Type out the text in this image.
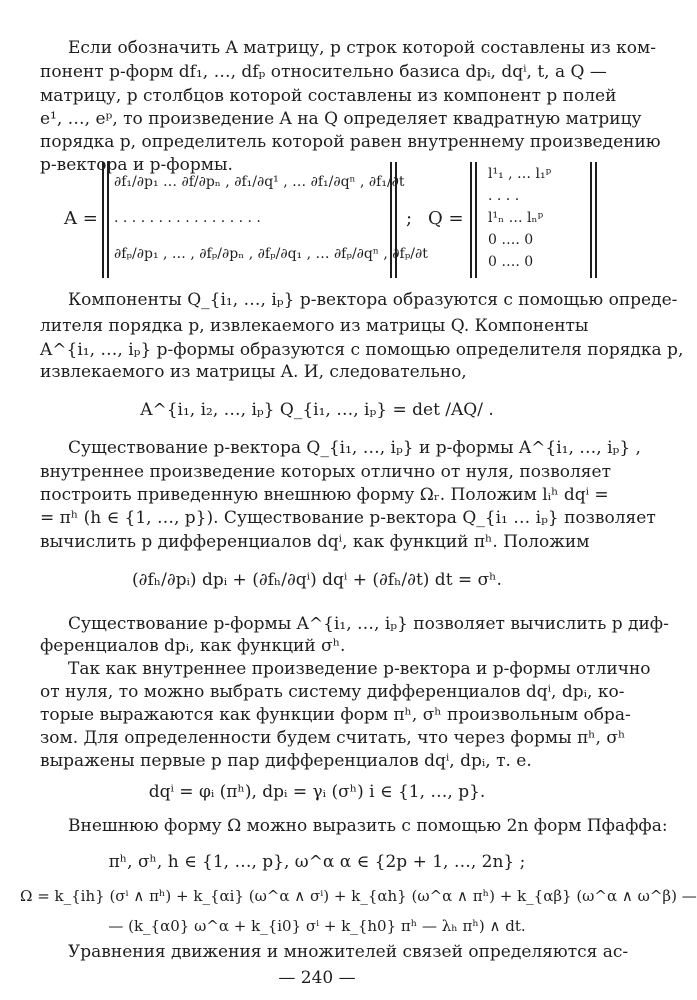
Если обозначить A матрицу, p строк которой составлены из ком-
понент p-форм df₁, …, dfₚ относительно базиса dpᵢ, dqⁱ, t, а Q —
матрицу, p столбцов которой составлены из компонент p полей
e¹, …, eᵖ, то произведение A на Q определяет квадратную матрицу
порядка p, определитель которой равен внутреннему произведению
p-вектора и p-формы.
A =
∂f₁/∂p₁ … ∂f/∂pₙ , ∂f₁/∂q¹ , … ∂f₁/∂qⁿ , ∂f₁/∂t
. . . . . . . . . . . . . . . . .
∂fₚ/∂p₁ , … , ∂fₚ/∂pₙ , ∂fₚ/∂q₁ , … ∂fₚ/∂qⁿ , ∂fₚ/∂t
; Q =
l¹₁ , … l₁ᵖ
. . . .
l¹ₙ … lₙᵖ
0 …. 0
0 …. 0
Компоненты Q_{i₁, …, iₚ} p-вектора образуются с помощью опреде-
лителя порядка p, извлекаемого из матрицы Q. Компоненты
A^{i₁, …, iₚ} p-формы образуются с помощью определителя порядка p,
извлекаемого из матрицы A. И, следовательно,
A^{i₁, i₂, …, iₚ} Q_{i₁, …, iₚ} = det /AQ/ .
Существование p-вектора Q_{i₁, …, iₚ} и p-формы A^{i₁, …, iₚ} ,
внутреннее произведение которых отлично от нуля, позволяет
построить приведенную внешнюю форму Ωᵣ. Положим lᵢʰ dqⁱ =
= πʰ (h ∈ {1, …, p}). Существование p-вектора Q_{i₁ … iₚ} позволяет
вычислить p дифференциалов dqⁱ, как функций πʰ. Положим
(∂fₕ/∂pᵢ) dpᵢ + (∂fₕ/∂qⁱ) dqⁱ + (∂fₕ/∂t) dt = σʰ.
Существование p-формы A^{i₁, …, iₚ} позволяет вычислить p диф-
ференциалов dpᵢ, как функций σʰ.
Так как внутреннее произведение p-вектора и p-формы отлично
от нуля, то можно выбрать систему дифференциалов dqⁱ, dpᵢ, ко-
торые выражаются как функции форм πʰ, σʰ произвольным обра-
зом. Для определенности будем считать, что через формы πʰ, σʰ
выражены первые p пар дифференциалов dqⁱ, dpᵢ, т. е.
dqⁱ = φᵢ (πʰ), dpᵢ = γᵢ (σʰ) i ∈ {1, …, p}.
Внешнюю форму Ω можно выразить с помощью 2n форм Пфаффа:
πʰ, σʰ, h ∈ {1, …, p}, ω^α α ∈ {2p + 1, …, 2n} ;
Ω = k_{ih} (σⁱ ∧ πʰ) + k_{αi} (ω^α ∧ σⁱ) + k_{αh} (ω^α ∧ πʰ) + k_{αβ} (ω^α ∧ ω^β) —
— (k_{α0} ω^α + k_{i0} σⁱ + k_{h0} πʰ — λₕ πʰ) ∧ dt.
Уравнения движения и множителей связей определяются ас-
— 240 —
